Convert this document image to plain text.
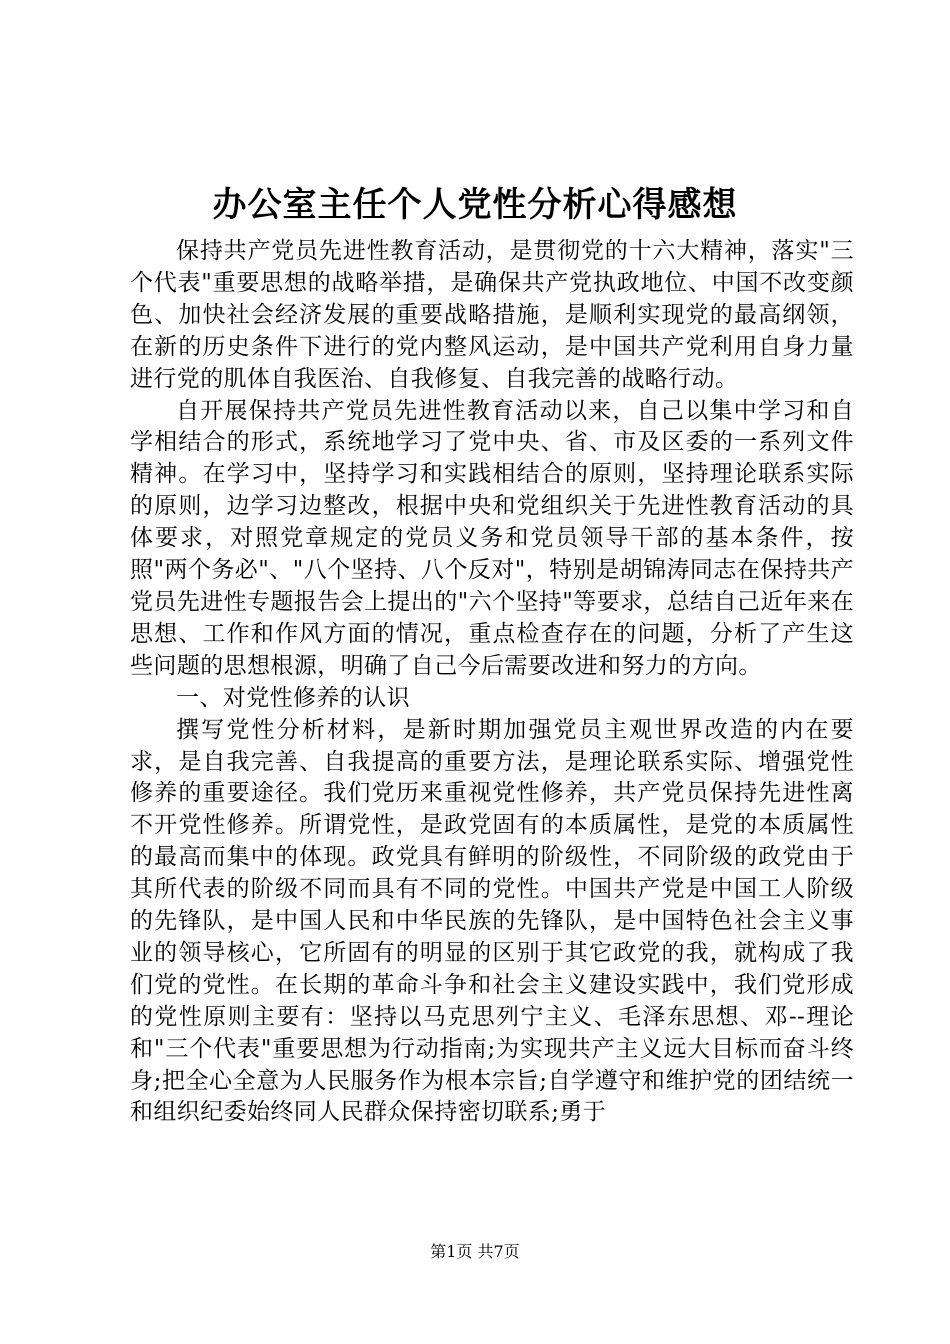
办公室主任个人党性分析心得感想

保持共产党员先进性教育活动，是贯彻党的十六大精神，落实"三个代表"重要思想的战略举措，是确保共产党执政地位、中国不改变颜色、加快社会经济发展的重要战略措施，是顺利实现党的最高纲领，在新的历史条件下进行的党内整风运动，是中国共产党利用自身力量进行党的肌体自我医治、自我修复、自我完善的战略行动。

自开展保持共产党员先进性教育活动以来，自己以集中学习和自学相结合的形式，系统地学习了党中央、省、市及区委的一系列文件精神。在学习中，坚持学习和实践相结合的原则，坚持理论联系实际的原则，边学习边整改，根据中央和党组织关于先进性教育活动的具体要求，对照党章规定的党员义务和党员领导干部的基本条件，按照"两个务必"、"八个坚持、八个反对"，特别是胡锦涛同志在保持共产党员先进性专题报告会上提出的"六个坚持"等要求，总结自己近年来在思想、工作和作风方面的情况，重点检查存在的问题，分析了产生这些问题的思想根源，明确了自己今后需要改进和努力的方向。

一、对党性修养的认识

撰写党性分析材料，是新时期加强党员主观世界改造的内在要求，是自我完善、自我提高的重要方法，是理论联系实际、增强党性修养的重要途径。我们党历来重视党性修养，共产党员保持先进性离不开党性修养。所谓党性，是政党固有的本质属性，是党的本质属性的最高而集中的体现。政党具有鲜明的阶级性，不同阶级的政党由于其所代表的阶级不同而具有不同的党性。中国共产党是中国工人阶级的先锋队，是中国人民和中华民族的先锋队，是中国特色社会主义事业的领导核心，它所固有的明显的区别于其它政党的我，就构成了我们党的党性。在长期的革命斗争和社会主义建设实践中，我们党形成的党性原则主要有：坚持以马克思列宁主义、毛泽东思想、邓--理论和"三个代表"重要思想为行动指南;为实现共产主义远大目标而奋斗终身;把全心全意为人民服务作为根本宗旨;自学遵守和维护党的团结统一和组织纪委始终同人民群众保持密切联系;勇于

第1页 共7页
